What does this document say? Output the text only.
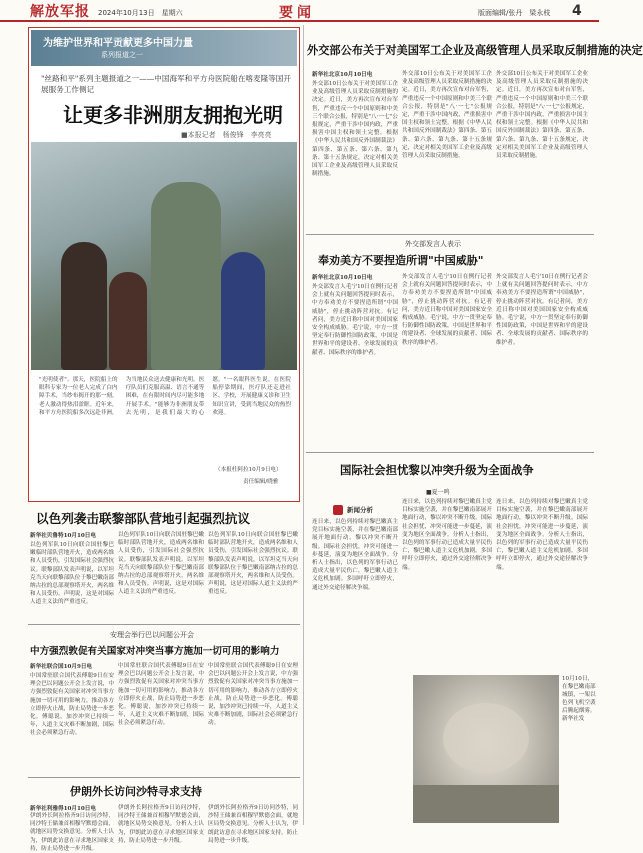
解放军报 2024年10月13日　星期六	要闻	版面编辑/张丹　梁永枝 4
为维护世界和平贡献更多中国力量
系列报道之一
"丝路和平"系列主题报道之一——中国海军和平方舟医院船在喀麦隆等国开展服务工作侧记
让更多非洲朋友拥抱光明
■本报记者　杨俊锋　李亮亮
"光明使者"。那天，医院船上的眼科专家为一位老人完成了白内障手术，当纱布揭开的那一刻，老人激动得热泪盈眶。近年来，和平方舟医院船多次远赴非洲，为当地民众送去健康和光明。医疗队员们克服高温、语言不通等困难，在有限时间内尽可能多地开展手术。"能够为非洲朋友带去光明，是我们最大的心愿。"一名眼科医生说。在医院船停靠期间，医疗队还走进社区、学校，开展健康义诊和卫生知识宣讲，受到当地民众的热烈欢迎。
（本报杜阿拉10月9日电）
责任编辑/晓雅
外交部公布关于对美国军工企业及高级管理人员采取反制措施的决定
新华社北京10月10日电
外交部10日公布关于对美国军工企业及高级管理人员采取反制措施的决定。近日，美方再次宣布对台军售，严重违反一个中国原则和中美三个联合公报，特别是"八·一七"公报规定，严重干涉中国内政，严重损害中国主权和领土完整。根据《中华人民共和国反外国制裁法》第四条、第五条、第六条、第九条、第十五条规定，决定对相关美国军工企业及高级管理人员采取反制措施。
外交部10日公布关于对美国军工企业及高级管理人员采取反制措施的决定。近日，美方再次宣布对台军售，严重违反一个中国原则和中美三个联合公报，特别是"八·一七"公报规定，严重干涉中国内政，严重损害中国主权和领土完整。根据《中华人民共和国反外国制裁法》第四条、第五条、第六条、第九条、第十五条规定，决定对相关美国军工企业及高级管理人员采取反制措施。
外交部10日公布关于对美国军工企业及高级管理人员采取反制措施的决定。近日，美方再次宣布对台军售，严重违反一个中国原则和中美三个联合公报，特别是"八·一七"公报规定，严重干涉中国内政，严重损害中国主权和领土完整。根据《中华人民共和国反外国制裁法》第四条、第五条、第六条、第九条、第十五条规定，决定对相关美国军工企业及高级管理人员采取反制措施。
外交部发言人表示
奉劝美方不要捏造所谓"中国威胁"
新华社北京10月10日电
外交部发言人毛宁10日在例行记者会上就有关问题回答提问时表示，中方奉劝美方不要捏造所谓"中国威胁"，停止挑动阵营对抗。有记者问，美方近日称中国对美国国家安全构成威胁。毛宁说，中方一贯坚定奉行防御性国防政策，中国是世界和平的建设者、全球发展的贡献者、国际秩序的维护者。
外交部发言人毛宁10日在例行记者会上就有关问题回答提问时表示，中方奉劝美方不要捏造所谓"中国威胁"，停止挑动阵营对抗。有记者问，美方近日称中国对美国国家安全构成威胁。毛宁说，中方一贯坚定奉行防御性国防政策，中国是世界和平的建设者、全球发展的贡献者、国际秩序的维护者。
外交部发言人毛宁10日在例行记者会上就有关问题回答提问时表示，中方奉劝美方不要捏造所谓"中国威胁"，停止挑动阵营对抗。有记者问，美方近日称中国对美国国家安全构成威胁。毛宁说，中方一贯坚定奉行防御性国防政策，中国是世界和平的建设者、全球发展的贡献者、国际秩序的维护者。
国际社会担忧黎以冲突升级为全面战争
■夏一鸣
新闻分析
连日来，以色列持续对黎巴嫩真主党目标实施空袭，并在黎巴嫩南部展开地面行动，黎以冲突不断升级。国际社会担忧，冲突可能进一步蔓延，演变为地区全面战争。分析人士指出，以色列的军事行动已造成大量平民伤亡，黎巴嫩人道主义危机加剧。多国呼吁立即停火，通过外交途径解决争端。
连日来，以色列持续对黎巴嫩真主党目标实施空袭，并在黎巴嫩南部展开地面行动，黎以冲突不断升级。国际社会担忧，冲突可能进一步蔓延，演变为地区全面战争。分析人士指出，以色列的军事行动已造成大量平民伤亡，黎巴嫩人道主义危机加剧。多国呼吁立即停火，通过外交途径解决争端。
连日来，以色列持续对黎巴嫩真主党目标实施空袭，并在黎巴嫩南部展开地面行动，黎以冲突不断升级。国际社会担忧，冲突可能进一步蔓延，演变为地区全面战争。分析人士指出，以色列的军事行动已造成大量平民伤亡，黎巴嫩人道主义危机加剧。多国呼吁立即停火，通过外交途径解决争端。
10月10日，在黎巴嫩南部城镇，一架以色列飞机空袭后腾起烟雾。新华社发
以色列袭击联黎部队营地引起强烈抗议
新华社贝鲁特10月10日电
以色列军队10日向联合国驻黎巴嫩临时部队营地开火，造成两名维和人员受伤，引发国际社会强烈抗议。联黎部队发表声明说，以军坦克当天向联黎部队位于黎巴嫩南部纳古拉的总部观察塔开火，两名维和人员受伤。声明说，这是对国际人道主义法的严重违反。
以色列军队10日向联合国驻黎巴嫩临时部队营地开火，造成两名维和人员受伤，引发国际社会强烈抗议。联黎部队发表声明说，以军坦克当天向联黎部队位于黎巴嫩南部纳古拉的总部观察塔开火，两名维和人员受伤。声明说，这是对国际人道主义法的严重违反。
以色列军队10日向联合国驻黎巴嫩临时部队营地开火，造成两名维和人员受伤，引发国际社会强烈抗议。联黎部队发表声明说，以军坦克当天向联黎部队位于黎巴嫩南部纳古拉的总部观察塔开火，两名维和人员受伤。声明说，这是对国际人道主义法的严重违反。
安理会举行巴以问题公开会
中方强烈敦促有关国家对冲突当事方施加一切可用的影响力
新华社联合国10月9日电
中国常驻联合国代表傅聪9日在安理会巴以问题公开会上发言说，中方强烈敦促有关国家对冲突当事方施加一切可用的影响力，推动各方立即停火止战，防止局势进一步恶化。傅聪说，加沙冲突已持续一年，人道主义灾难不断加剧，国际社会必须紧急行动。
中国常驻联合国代表傅聪9日在安理会巴以问题公开会上发言说，中方强烈敦促有关国家对冲突当事方施加一切可用的影响力，推动各方立即停火止战，防止局势进一步恶化。傅聪说，加沙冲突已持续一年，人道主义灾难不断加剧，国际社会必须紧急行动。
中国常驻联合国代表傅聪9日在安理会巴以问题公开会上发言说，中方强烈敦促有关国家对冲突当事方施加一切可用的影响力，推动各方立即停火止战，防止局势进一步恶化。傅聪说，加沙冲突已持续一年，人道主义灾难不断加剧，国际社会必须紧急行动。
伊朗外长访问沙特寻求支持
新华社利雅得10月10日电
伊朗外长阿拉格齐9日访问沙特，同沙特王储兼首相穆罕默德会面，就地区局势交换意见。分析人士认为，伊朗此访意在寻求地区国家支持，防止局势进一步升级。
伊朗外长阿拉格齐9日访问沙特，同沙特王储兼首相穆罕默德会面，就地区局势交换意见。分析人士认为，伊朗此访意在寻求地区国家支持，防止局势进一步升级。
伊朗外长阿拉格齐9日访问沙特，同沙特王储兼首相穆罕默德会面，就地区局势交换意见。分析人士认为，伊朗此访意在寻求地区国家支持，防止局势进一步升级。
